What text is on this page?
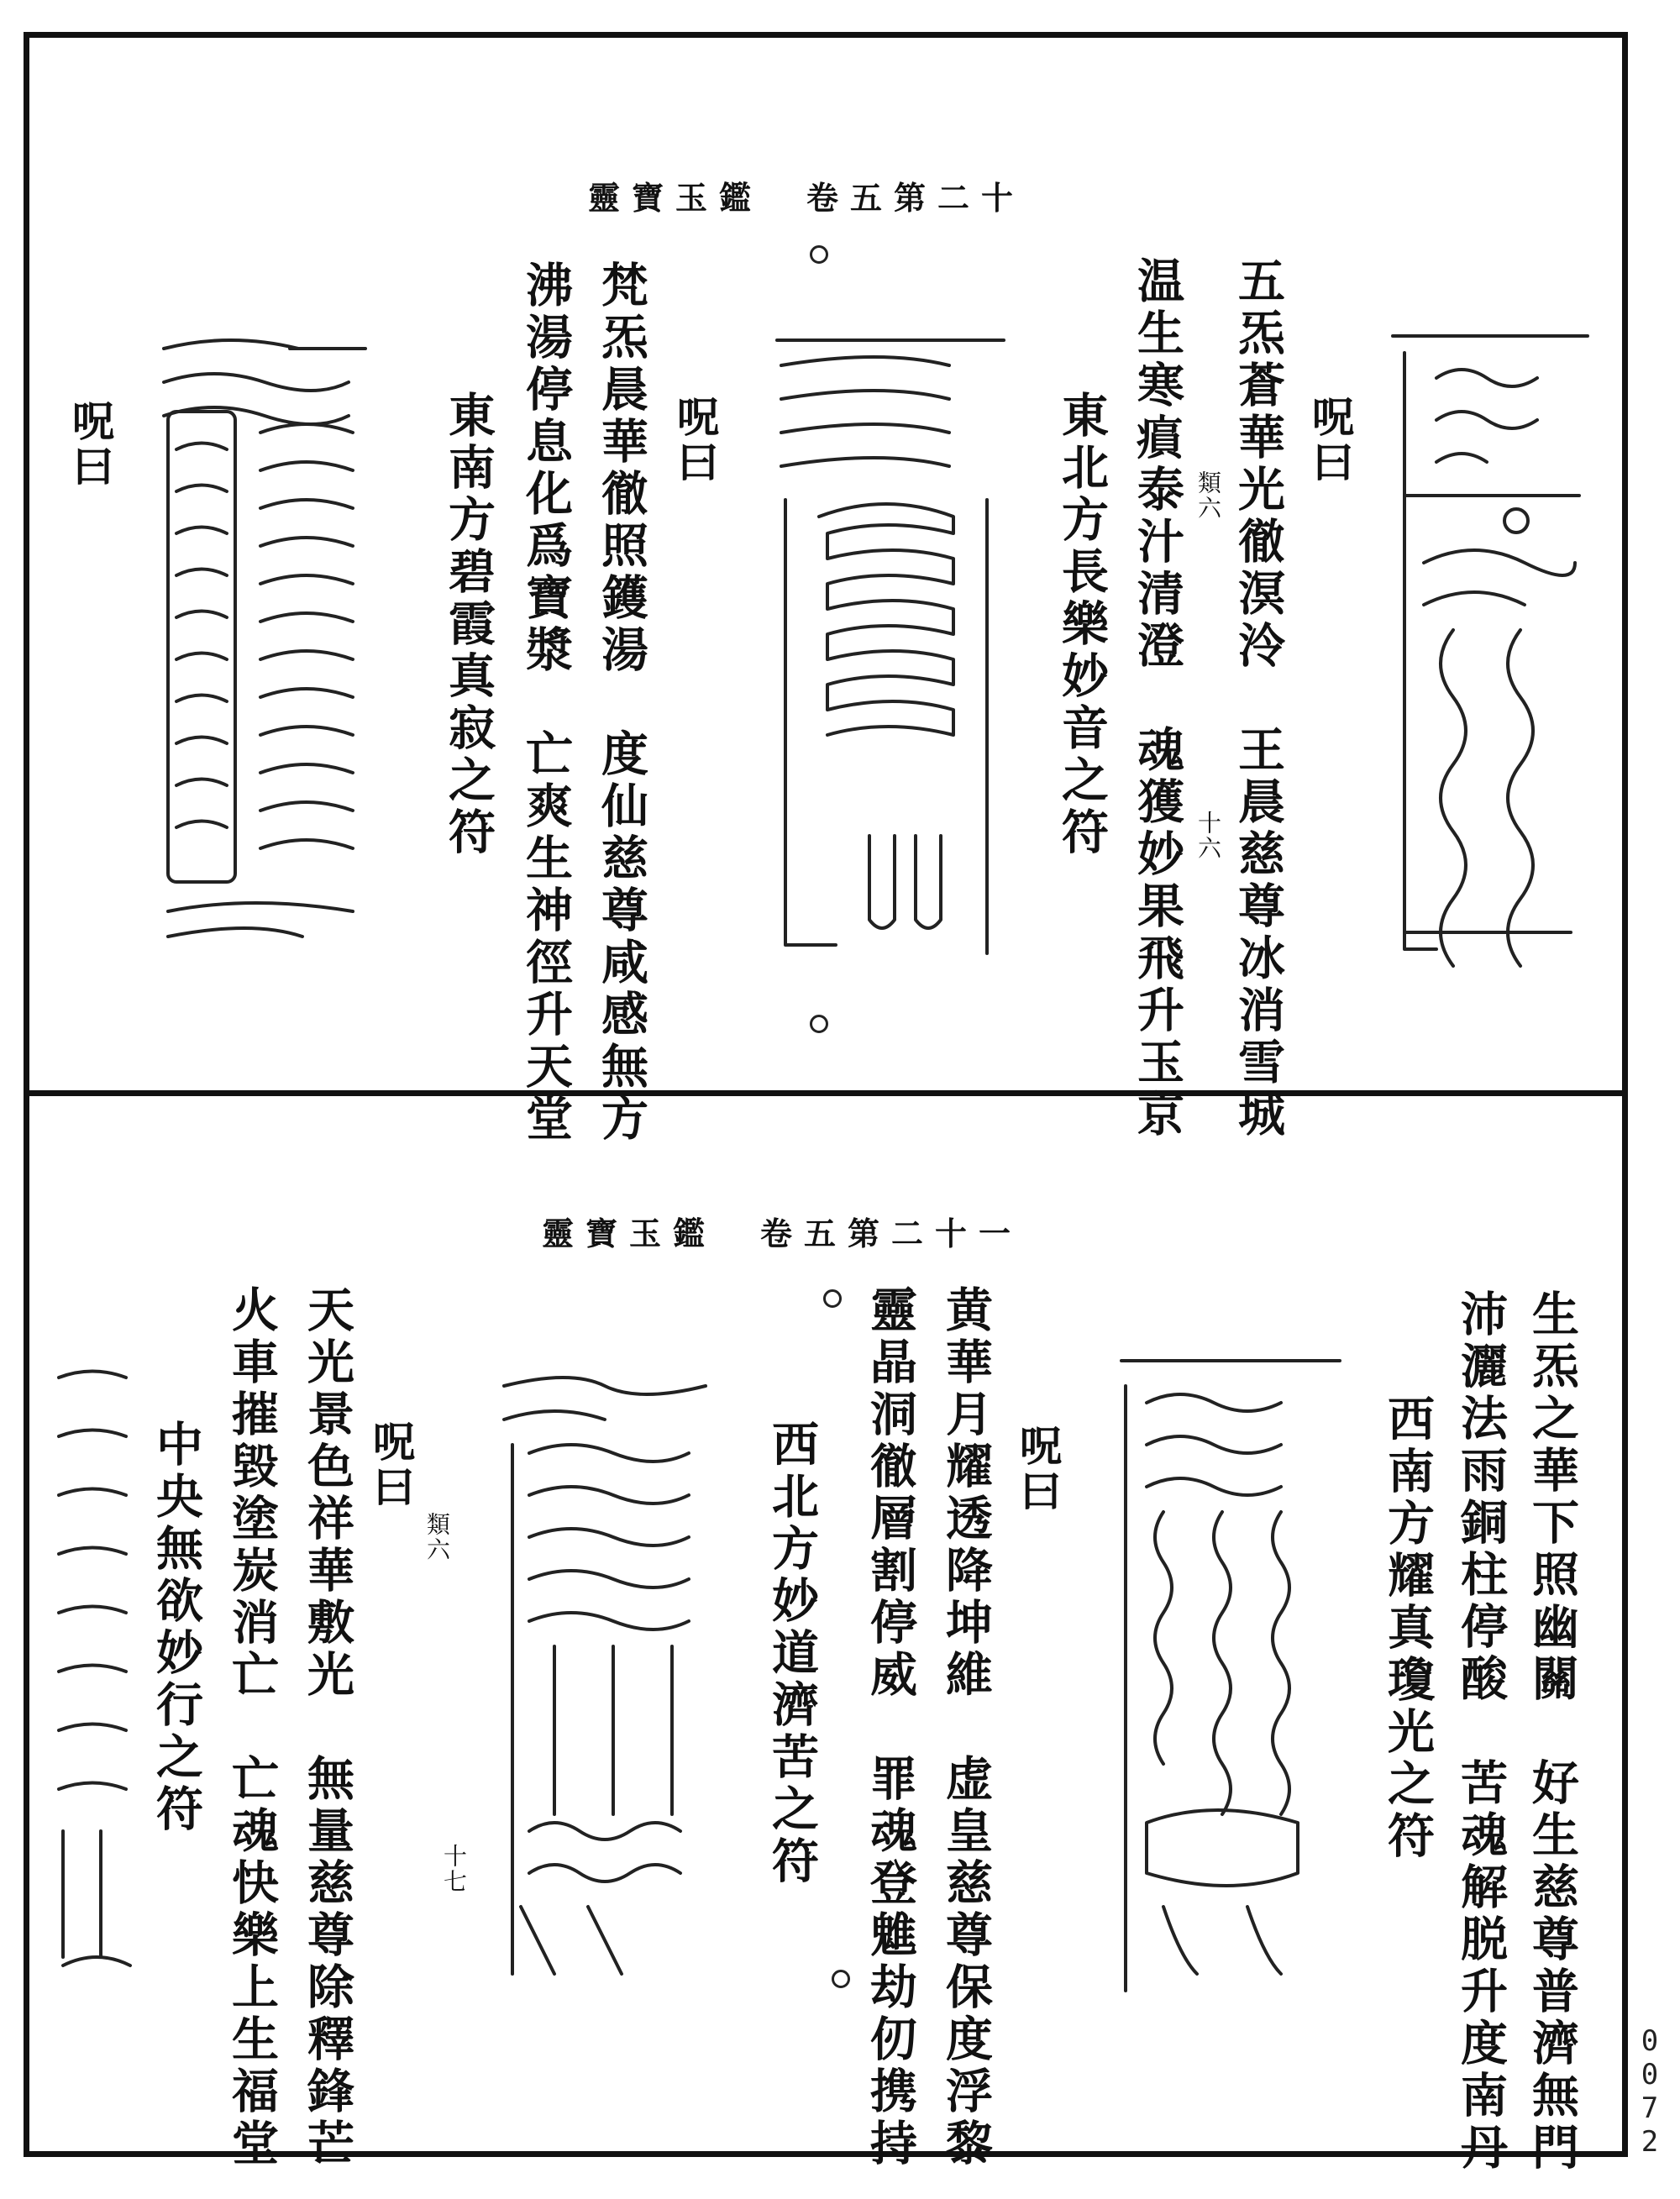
靈寶玉鑑　卷五第二十
呪曰
五炁蒼華光徹溟泠　王晨慈尊冰消雪城
温生寒𤸫泰汁清澄　魂獲妙果飛升玉京 類六
十六
東北方長樂妙音之符
呪曰
梵炁晨華徹照鑊湯　度仙慈尊咸感無方
沸湯停息化爲寶漿　亡爽生神徑升天堂
東南方碧霞真寂之符
呪曰
靈寶玉鑑　卷五第二十一
生炁之華下照幽關　好生慈尊普濟無門
沛灑法雨銅柱停酸　苦魂解脱升度南丹
西南方耀真瓊光之符
呪曰
黄華月耀透降坤維　虚皇慈尊保度浮黎
靈晶洞徹層割停威　罪魂登魋劫仞携持
西北方妙道濟苦之符
呪曰
類六
十七
天光景色祥華敷光　無量慈尊除釋鋒芒
火車摧毀塗炭消亡　亡魂快樂上生福堂
中央無欲妙行之符
0072
